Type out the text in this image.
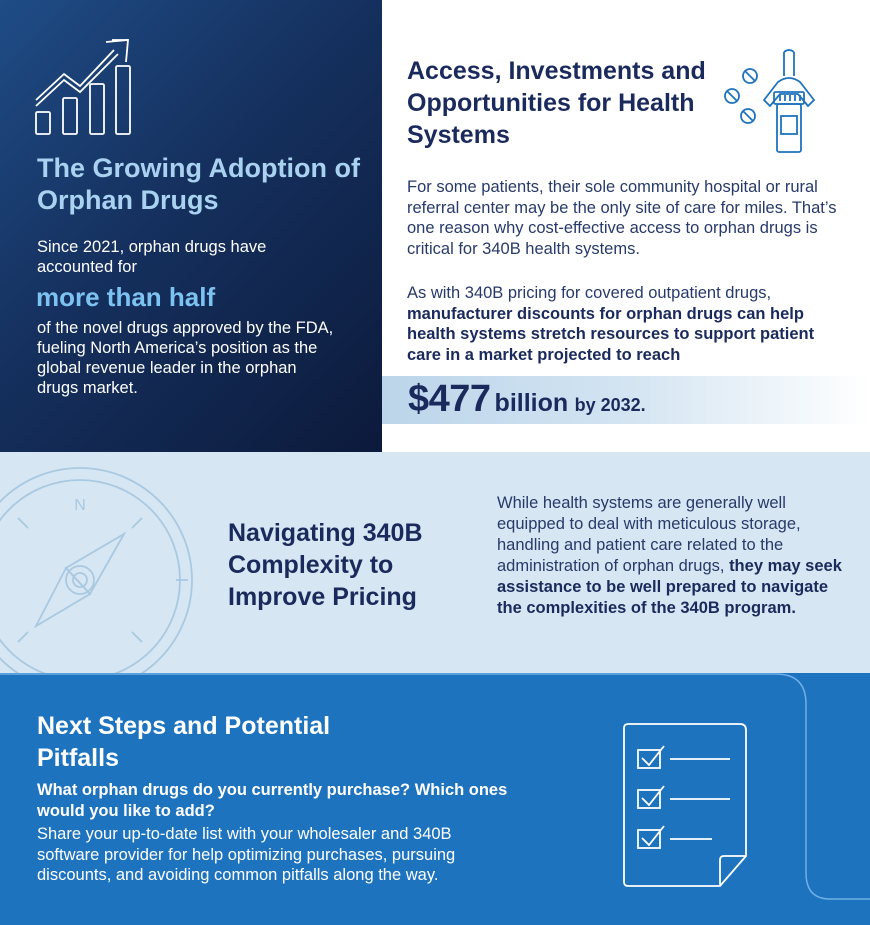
The Growing Adoption of Orphan Drugs
Since 2021, orphan drugs have accounted for
more than half
of the novel drugs approved by the FDA, fueling North America’s position as the global revenue leader in the orphan drugs market.
Access, Investments and Opportunities for Health Systems
For some patients, their sole community hospital or rural referral center may be the only site of care for miles. That’s one reason why cost-effective access to orphan drugs is critical for 340B health systems.
As with 340B pricing for covered outpatient drugs, manufacturer discounts for orphan drugs can help health systems stretch resources to support patient care in a market projected to reach
$477 billion by 2032.
N
Navigating 340B Complexity to Improve Pricing
While health systems are generally well equipped to deal with meticulous storage, handling and patient care related to the administration of orphan drugs, they may seek assistance to be well prepared to navigate the complexities of the 340B program.
Next Steps and Potential Pitfalls
What orphan drugs do you currently purchase? Which ones would you like to add?
Share your up-to-date list with your wholesaler and 340B software provider for help optimizing purchases, pursuing discounts, and avoiding common pitfalls along the way.
